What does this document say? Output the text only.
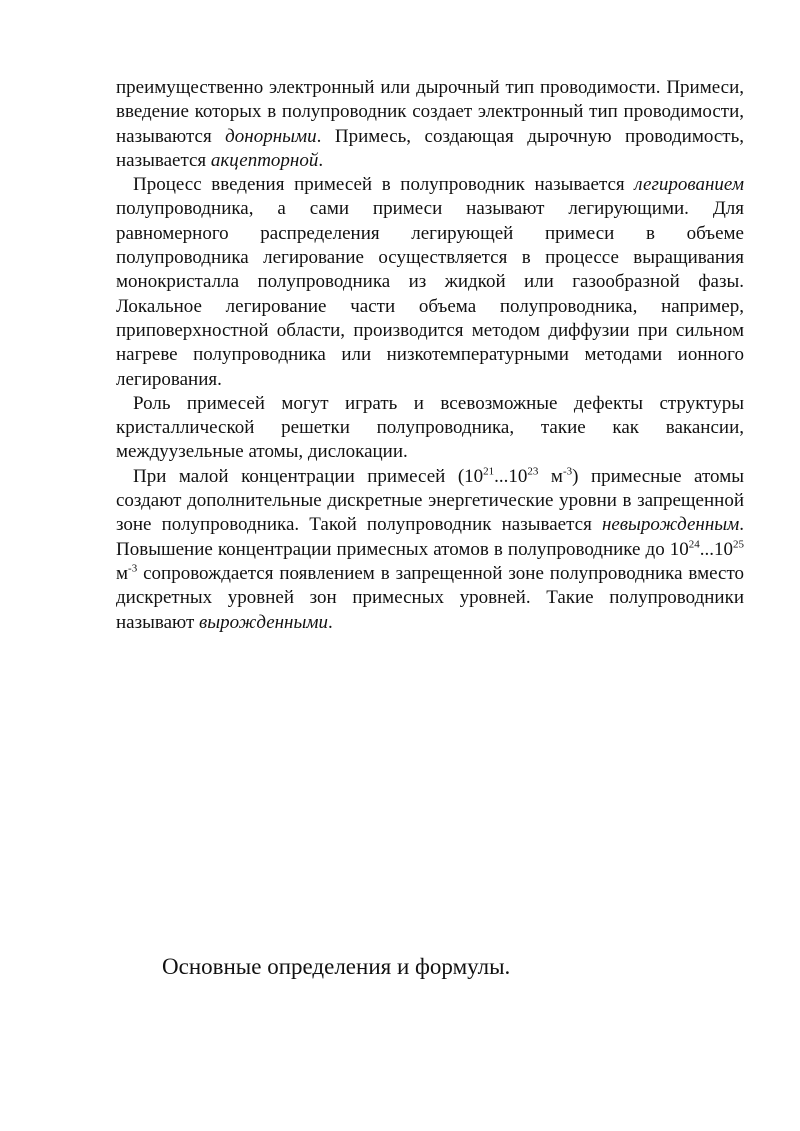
преимущественно электронный или дырочный тип проводимости. Примеси, введение которых в полупроводник создает электронный тип проводимости, называются донорными. Примесь, создающая дырочную проводимость, называется акцепторной.

Процесс введения примесей в полупроводник называется легированием полупроводника, а сами примеси называют легирующими. Для равномерного распределения легирующей примеси в объеме полупроводника легирование осуществляется в процессе выращивания монокристалла полупроводника из жидкой или газообразной фазы. Локальное легирование части объема полупроводника, например, приповерхностной области, производится методом диффузии при сильном нагреве полупроводника или низкотемпературными методами ионного легирования.

Роль примесей могут играть и всевозможные дефекты структуры кристаллической решетки полупроводника, такие как вакансии, междуузельные атомы, дислокации.

При малой концентрации примесей ($10^{21}...10^{23}$ $м^{-3}$) примесные атомы создают дополнительные дискретные энергетические уровни в запрещенной зоне полупроводника. Такой полупроводник называется невырожденным. Повышение концентрации примесных атомов в полупроводнике до $10^{24}...10^{25}$ $м^{-3}$ сопровождается появлением в запрещенной зоне полупроводника вместо дискретных уровней зон примесных уровней. Такие полупроводники называют вырожденными.

Основные определения и формулы.
